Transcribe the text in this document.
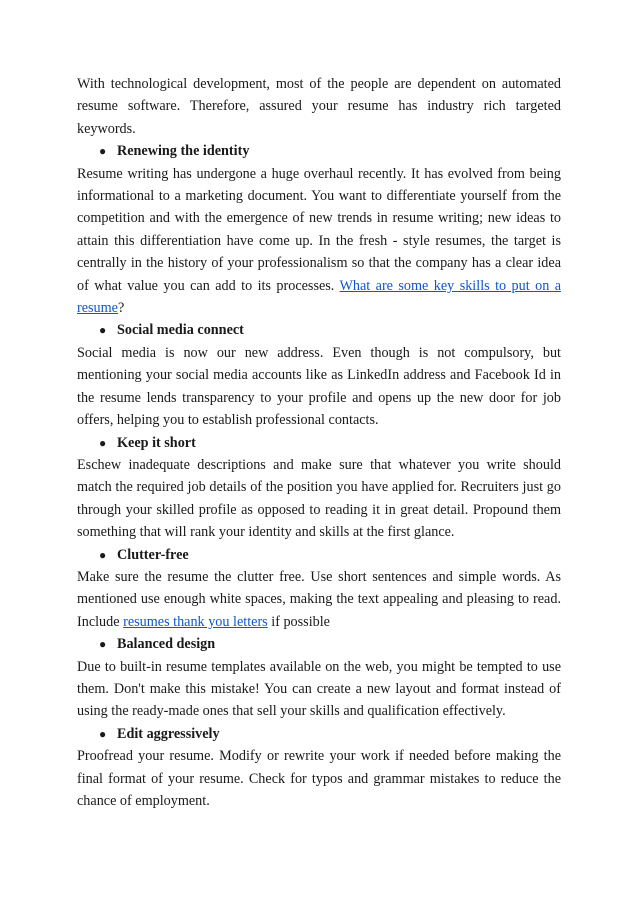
With technological development, most of the people are dependent on automated resume software. Therefore, assured your resume has industry rich targeted keywords.

● Renewing the identity

Resume writing has undergone a huge overhaul recently. It has evolved from being informational to a marketing document. You want to differentiate yourself from the competition and with the emergence of new trends in resume writing; new ideas to attain this differentiation have come up. In the fresh - style resumes, the target is centrally in the history of your professionalism so that the company has a clear idea of what value you can add to its processes. What are some key skills to put on a resume?

● Social media connect

Social media is now our new address. Even though is not compulsory, but mentioning your social media accounts like as LinkedIn address and Facebook Id in the resume lends transparency to your profile and opens up the new door for job offers, helping you to establish professional contacts.

● Keep it short

Eschew inadequate descriptions and make sure that whatever you write should match the required job details of the position you have applied for. Recruiters just go through your skilled profile as opposed to reading it in great detail. Propound them something that will rank your identity and skills at the first glance.

● Clutter-free

Make sure the resume the clutter free. Use short sentences and simple words. As mentioned use enough white spaces, making the text appealing and pleasing to read. Include resumes thank you letters if possible

● Balanced design

Due to built-in resume templates available on the web, you might be tempted to use them. Don't make this mistake! You can create a new layout and format instead of using the ready-made ones that sell your skills and qualification effectively.

● Edit aggressively

Proofread your resume. Modify or rewrite your work if needed before making the final format of your resume. Check for typos and grammar mistakes to reduce the chance of employment.
